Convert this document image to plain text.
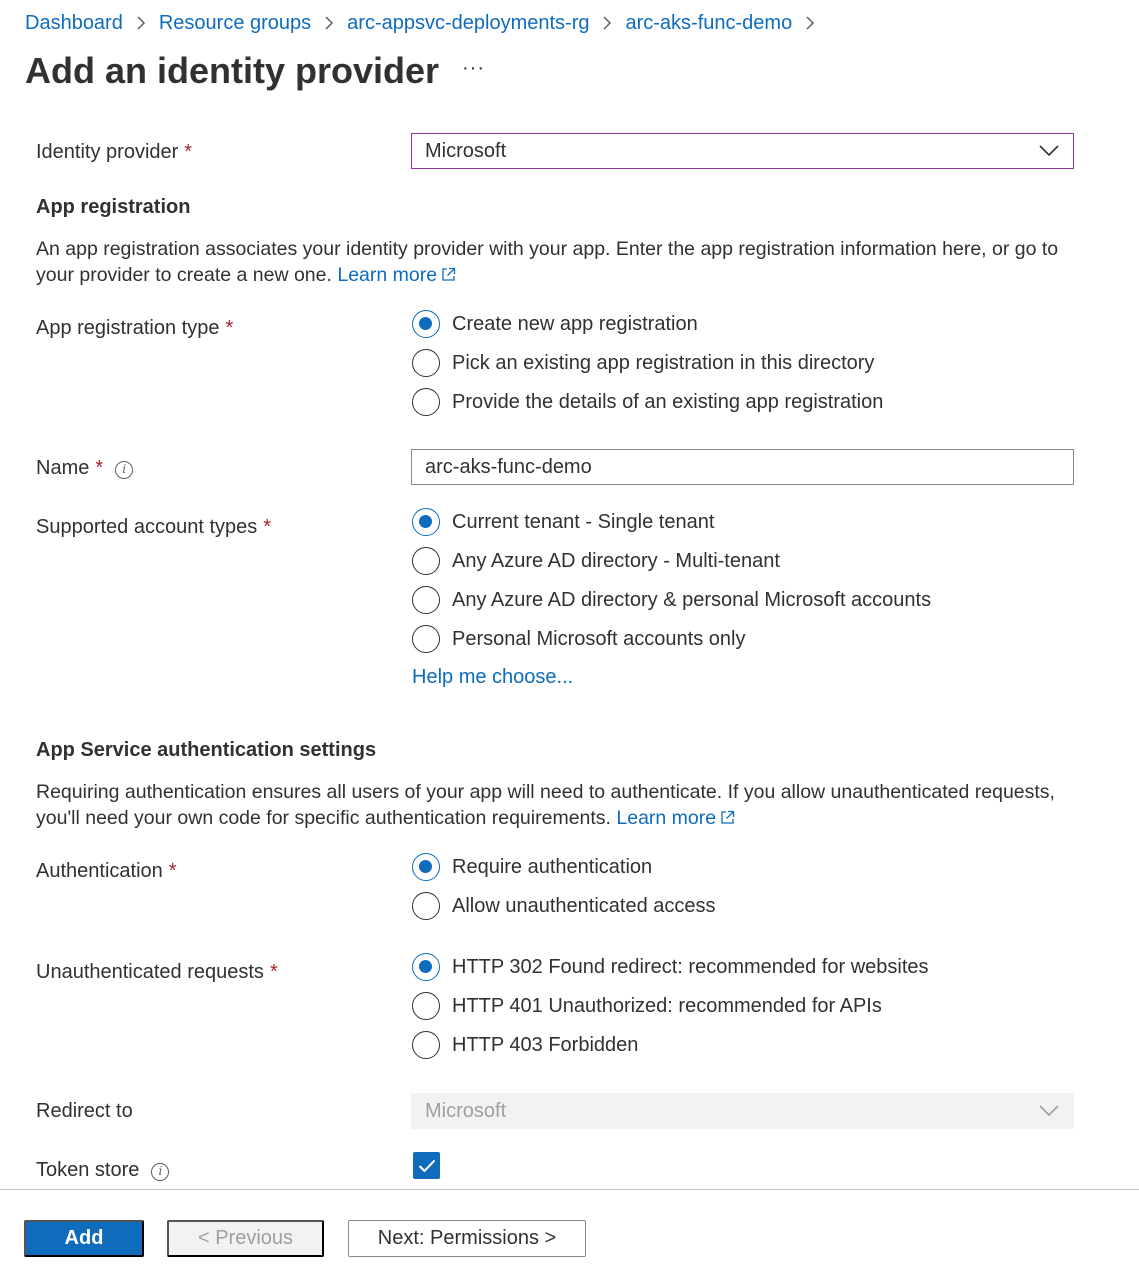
Dashboard Resource groups arc-appsvc-deployments-rg arc-aks-func-demo
Add an identity provider ···
Identity provider *	Microsoft
App registration

An app registration associates your identity provider with your app. Enter the app registration information here, or go to your provider to create a new one. Learn more

App registration type *	Create new app registration
Pick an existing app registration in this directory
Provide the details of an existing app registration
Name * i	arc-aks-func-demo
Supported account types *	Current tenant - Single tenant
Any Azure AD directory - Multi-tenant
Any Azure AD directory & personal Microsoft accounts
Personal Microsoft accounts only
Help me choose...
App Service authentication settings

Requiring authentication ensures all users of your app will need to authenticate. If you allow unauthenticated requests, you'll need your own code for specific authentication requirements. Learn more

Authentication *	Require authentication
Allow unauthenticated access
Unauthenticated requests *	HTTP 302 Found redirect: recommended for websites
HTTP 401 Unauthorized: recommended for APIs
HTTP 403 Forbidden
Redirect to	Microsoft
Token store i
Add	< Previous	Next: Permissions >
